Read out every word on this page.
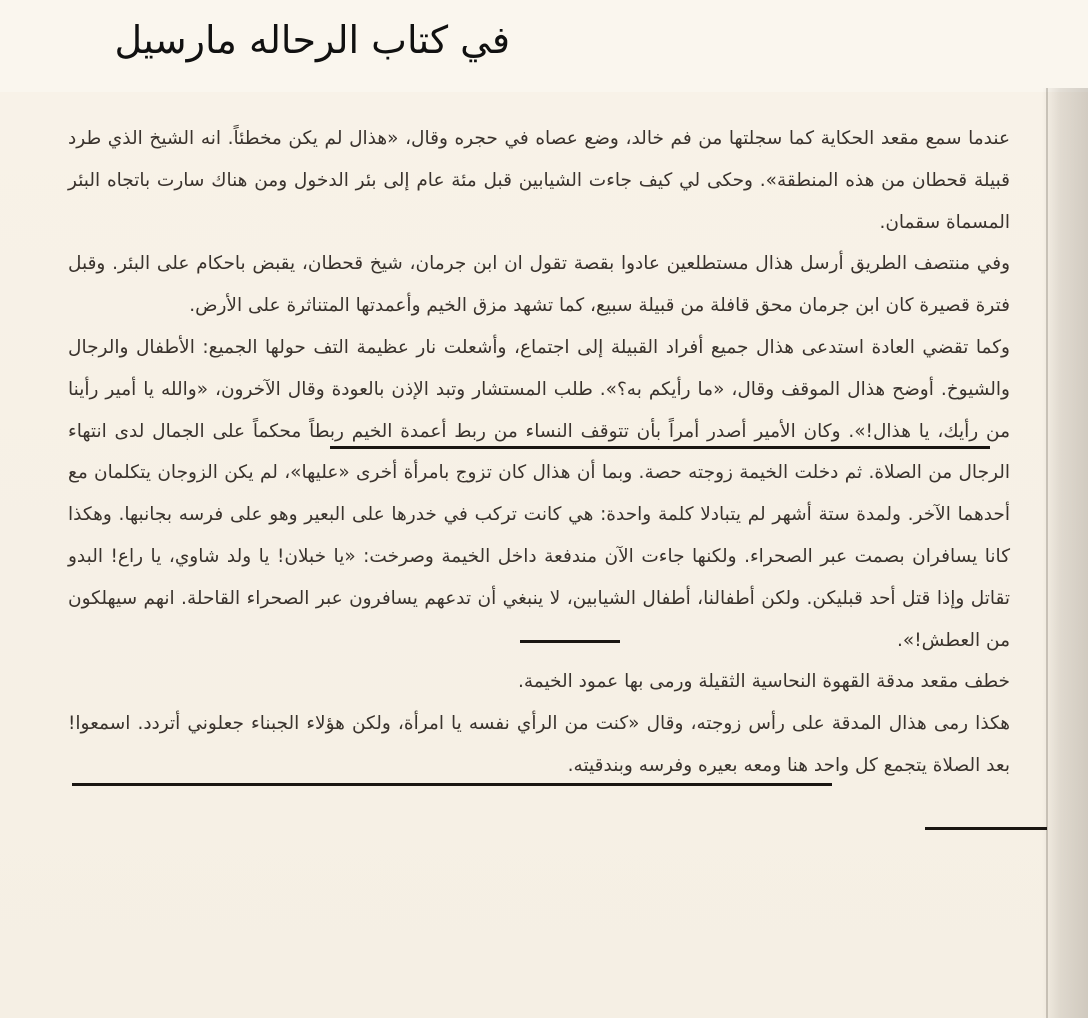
في كتاب الرحاله مارسيل

عندما سمع مقعد الحكاية كما سجلتها من فم خالد، وضع عصاه في حجره وقال، «هذال لم يكن مخطئاً. انه الشيخ الذي طرد قبيلة قحطان من هذه المنطقة». وحكى لي كيف جاءت الشيابين قبل مئة عام إلى بئر الدخول ومن هناك سارت باتجاه البئر المسماة سقمان.

وفي منتصف الطريق أرسل هذال مستطلعين عادوا بقصة تقول ان ابن جرمان، شيخ قحطان، يقبض باحكام على البئر. وقبل فترة قصيرة كان ابن جرمان محق قافلة من قبيلة سبيع، كما تشهد مزق الخيم وأعمدتها المتناثرة على الأرض.

وكما تقضي العادة استدعى هذال جميع أفراد القبيلة إلى اجتماع، وأشعلت نار عظيمة التف حولها الجميع: الأطفال والرجال والشيوخ. أوضح هذال الموقف وقال، «ما رأيكم به؟». طلب المستشار وتبد الإذن بالعودة وقال الآخرون، «والله يا أمير رأينا من رأيك، يا هذال!». وكان الأمير أصدر أمراً بأن تتوقف النساء من ربط أعمدة الخيم ربطاً محكماً على الجمال لدى انتهاء الرجال من الصلاة. ثم دخلت الخيمة زوجته حصة. وبما أن هذال كان تزوج بامرأة أخرى «عليها»، لم يكن الزوجان يتكلمان مع أحدهما الآخر. ولمدة ستة أشهر لم يتبادلا كلمة واحدة: هي كانت تركب في خدرها على البعير وهو على فرسه بجانبها. وهكذا كانا يسافران بصمت عبر الصحراء. ولكنها جاءت الآن مندفعة داخل الخيمة وصرخت: «يا خبلان! يا ولد شاوي، يا راع! البدو تقاتل وإذا قتل أحد قبليكن. ولكن أطفالنا، أطفال الشيابين، لا ينبغي أن تدعهم يسافرون عبر الصحراء القاحلة. انهم سيهلكون من العطش!».

خطف مقعد مدقة القهوة النحاسية الثقيلة ورمى بها عمود الخيمة.

هكذا رمى هذال المدقة على رأس زوجته، وقال «كنت من الرأي نفسه يا امرأة، ولكن هؤلاء الجبناء جعلوني أتردد. اسمعوا! بعد الصلاة يتجمع كل واحد هنا ومعه بعيره وفرسه وبندقيته.
